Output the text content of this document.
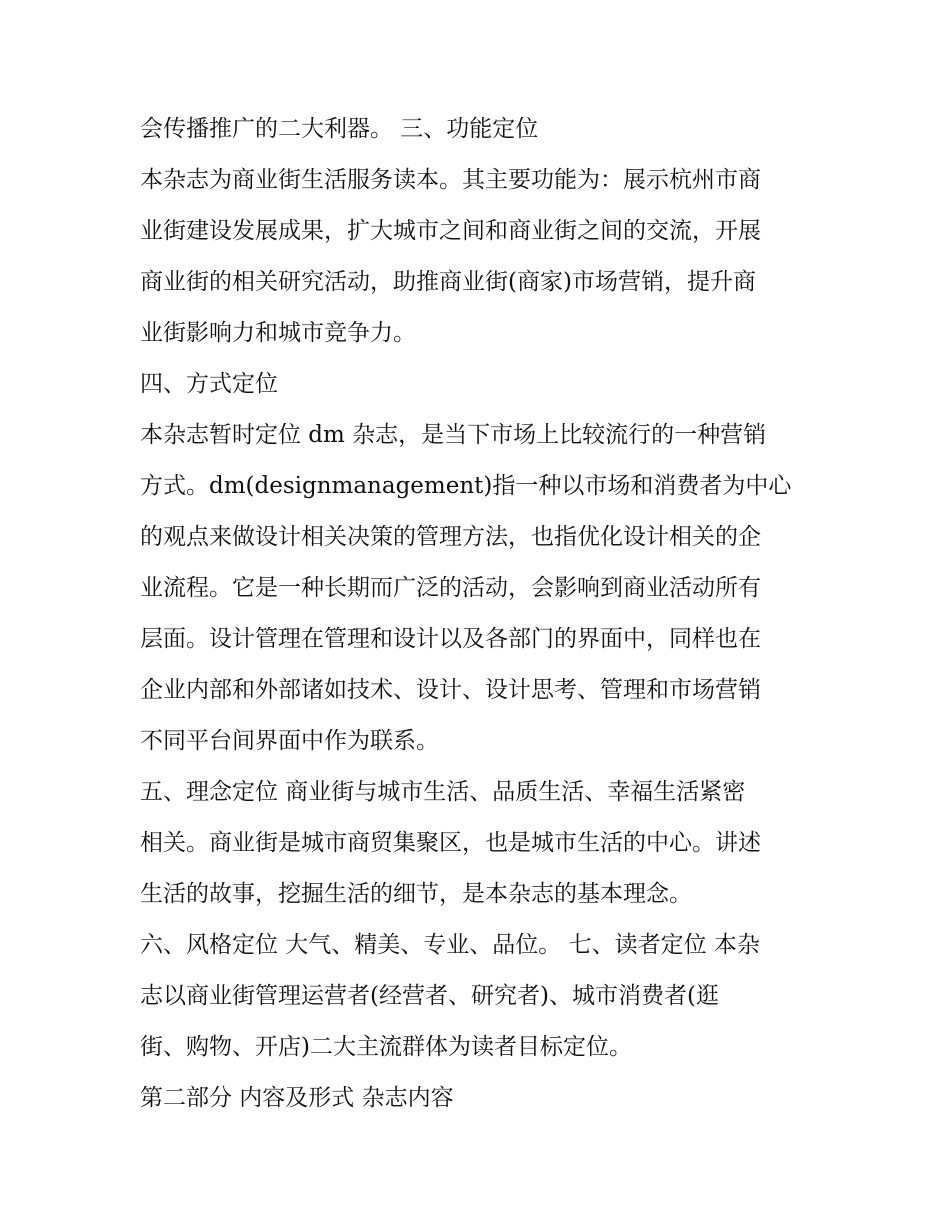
会传播推广的二大利器。 三、功能定位

本杂志为商业街生活服务读本。其主要功能为：展示杭州市商

业街建设发展成果，扩大城市之间和商业街之间的交流，开展

商业街的相关研究活动，助推商业街(商家)市场营销，提升商

业街影响力和城市竞争力。

四、方式定位

本杂志暂时定位 dm 杂志，是当下市场上比较流行的一种营销

方式。dm(designmanagement)指一种以市场和消费者为中心

的观点来做设计相关决策的管理方法，也指优化设计相关的企

业流程。它是一种长期而广泛的活动，会影响到商业活动所有

层面。设计管理在管理和设计以及各部门的界面中，同样也在

企业内部和外部诸如技术、设计、设计思考、管理和市场营销

不同平台间界面中作为联系。

五、理念定位 商业街与城市生活、品质生活、幸福生活紧密

相关。商业街是城市商贸集聚区，也是城市生活的中心。讲述

生活的故事，挖掘生活的细节，是本杂志的基本理念。

六、风格定位 大气、精美、专业、品位。 七、读者定位 本杂

志以商业街管理运营者(经营者、研究者)、城市消费者(逛

街、购物、开店)二大主流群体为读者目标定位。

第二部分 内容及形式 杂志内容
